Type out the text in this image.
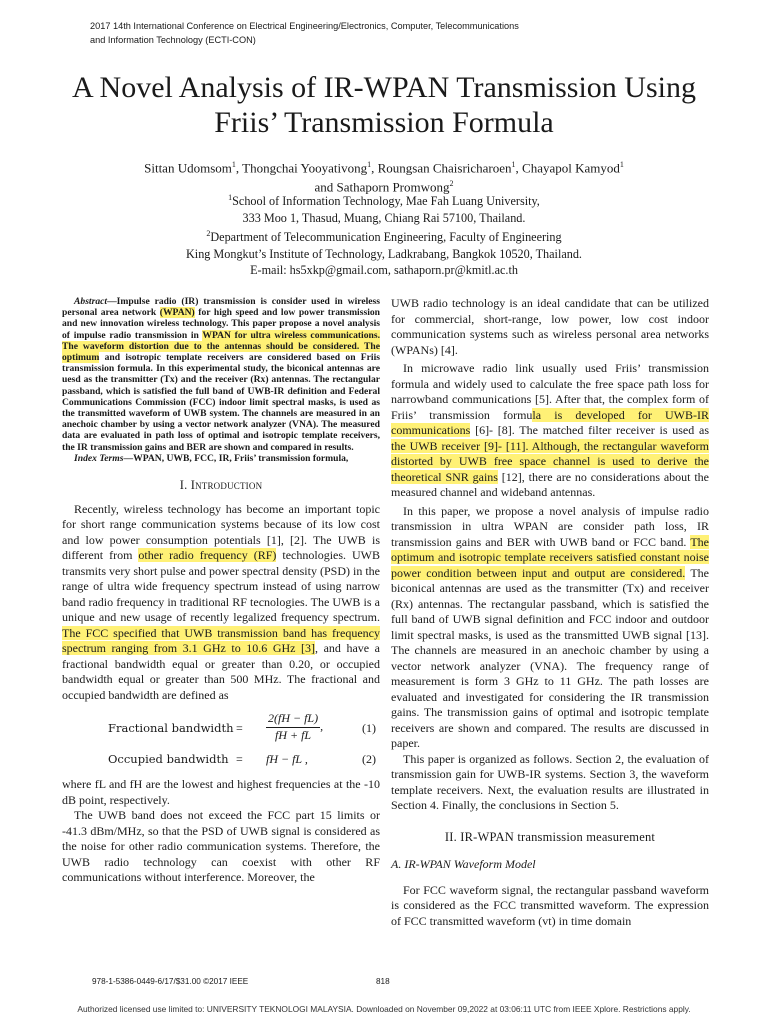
2017 14th International Conference on Electrical Engineering/Electronics, Computer, Telecommunications
and Information Technology (ECTI-CON)
A Novel Analysis of IR-WPAN Transmission Using
Friis’ Transmission Formula
Sittan Udomsom$^1$, Thongchai Yooyativong$^1$, Roungsan Chaisricharoen$^1$, Chayapol Kamyod$^1$
and Sathaporn Promwong$^2$
$^1$School of Information Technology, Mae Fah Luang University,
333 Moo 1, Thasud, Muang, Chiang Rai 57100, Thailand.
$^2$Department of Telecommunication Engineering, Faculty of Engineering
King Mongkut’s Institute of Technology, Ladkrabang, Bangkok 10520, Thailand.
E-mail: hs5xkp@gmail.com, sathaporn.pr@kmitl.ac.th

Abstract—Impulse radio (IR) transmission is consider used in wireless personal area network (WPAN) for high speed and low power transmission and new innovation wireless technology. This paper propose a novel analysis of impulse radio transmission in WPAN for ultra wireless communications. The waveform distortion due to the antennas should be considered. The optimum and isotropic template receivers are considered based on Friis transmission formula. In this experimental study, the biconical antennas are uesd as the transmitter (Tx) and the receiver (Rx) antennas. The rectangular passband, which is satisfied the full band of UWB-IR definition and Federal Communications Commission (FCC) indoor limit spectral masks, is used as the transmitted waveform of UWB system. The channels are measured in an anechoic chamber by using a vector network analyzer (VNA). The measured data are evaluated in path loss of optimal and isotropic template receivers, the IR transmission gains and BER are shown and compared in results.

Index Terms—WPAN, UWB, FCC, IR, Friis’ transmission formula,

I. Introduction

Recently, wireless technology has become an important topic for short range communication systems because of its low cost and low power consumption potentials [1], [2]. The UWB is different from other radio frequency (RF) technologies. UWB transmits very short pulse and power spectral density (PSD) in the range of ultra wide frequency spectrum instead of using narrow band radio frequency in traditional RF tecnologies. The UWB is a unique and new usage of recently legalized frequency spectrum. The FCC specified that UWB transmission band has frequency spectrum ranging from 3.1 GHz to 10.6 GHz [3], and have a fractional bandwidth equal or greater than 0.20, or occupied bandwidth equal or greater than 500 MHz. The fractional and occupied bandwidth are defined as

Fractional bandwidth = $\frac{2(fH - fL)}{fH + fL}$ ,	(1)
Occupied bandwidth = fH − fL ,	(2)

where fL and fH are the lowest and highest frequencies at the -10 dB point, respectively.

The UWB band does not exceed the FCC part 15 limits or -41.3 dBm/MHz, so that the PSD of UWB signal is considered as the noise for other radio communication systems. Therefore, the UWB radio technology can coexist with other RF communications without interference. Moreover, the

UWB radio technology is an ideal candidate that can be utilized for commercial, short-range, low power, low cost indoor communication systems such as wireless personal area networks (WPANs) [4].

In microwave radio link usually used Friis’ transmission formula and widely used to calculate the free space path loss for narrowband communications [5]. After that, the complex form of Friis’ transmission formula is developed for UWB-IR communications [6]- [8]. The matched filter receiver is used as the UWB receiver [9]- [11]. Although, the rectangular waveform distorted by UWB free space channel is used to derive the theoretical SNR gains [12], there are no considerations about the measured channel and wideband antennas.

In this paper, we propose a novel analysis of impulse radio transmission in ultra WPAN are consider path loss, IR transmission gains and BER with UWB band or FCC band. The optimum and isotropic template receivers satisfied constant noise power condition between input and output are considered. The biconical antennas are used as the transmitter (Tx) and receiver (Rx) antennas. The rectangular passband, which is satisfied the full band of UWB signal definition and FCC indoor and outdoor limit spectral masks, is used as the transmitted UWB signal [13]. The channels are measured in an anechoic chamber by using a vector network analyzer (VNA). The frequency range of measurement is form 3 GHz to 11 GHz. The path losses are evaluated and investigated for considering the IR transmission gains. The transmission gains of optimal and isotropic template receivers are shown and compared. The results are discussed in paper.

This paper is organized as follows. Section 2, the evaluation of transmission gain for UWB-IR systems. Section 3, the waveform template receivers. Next, the evaluation results are illustrated in Section 4. Finally, the conclusions in Section 5.

II. IR-WPAN transmission measurement
A. IR-WPAN Waveform Model

For FCC waveform signal, the rectangular passband waveform is considered as the FCC transmitted waveform. The expression of FCC transmitted waveform (vt) in time domain

978-1-5386-0449-6/17/$31.00 ©2017 IEEE	818
Authorized licensed use limited to: UNIVERSITY TEKNOLOGI MALAYSIA. Downloaded on November 09,2022 at 03:06:11 UTC from IEEE Xplore. Restrictions apply.
